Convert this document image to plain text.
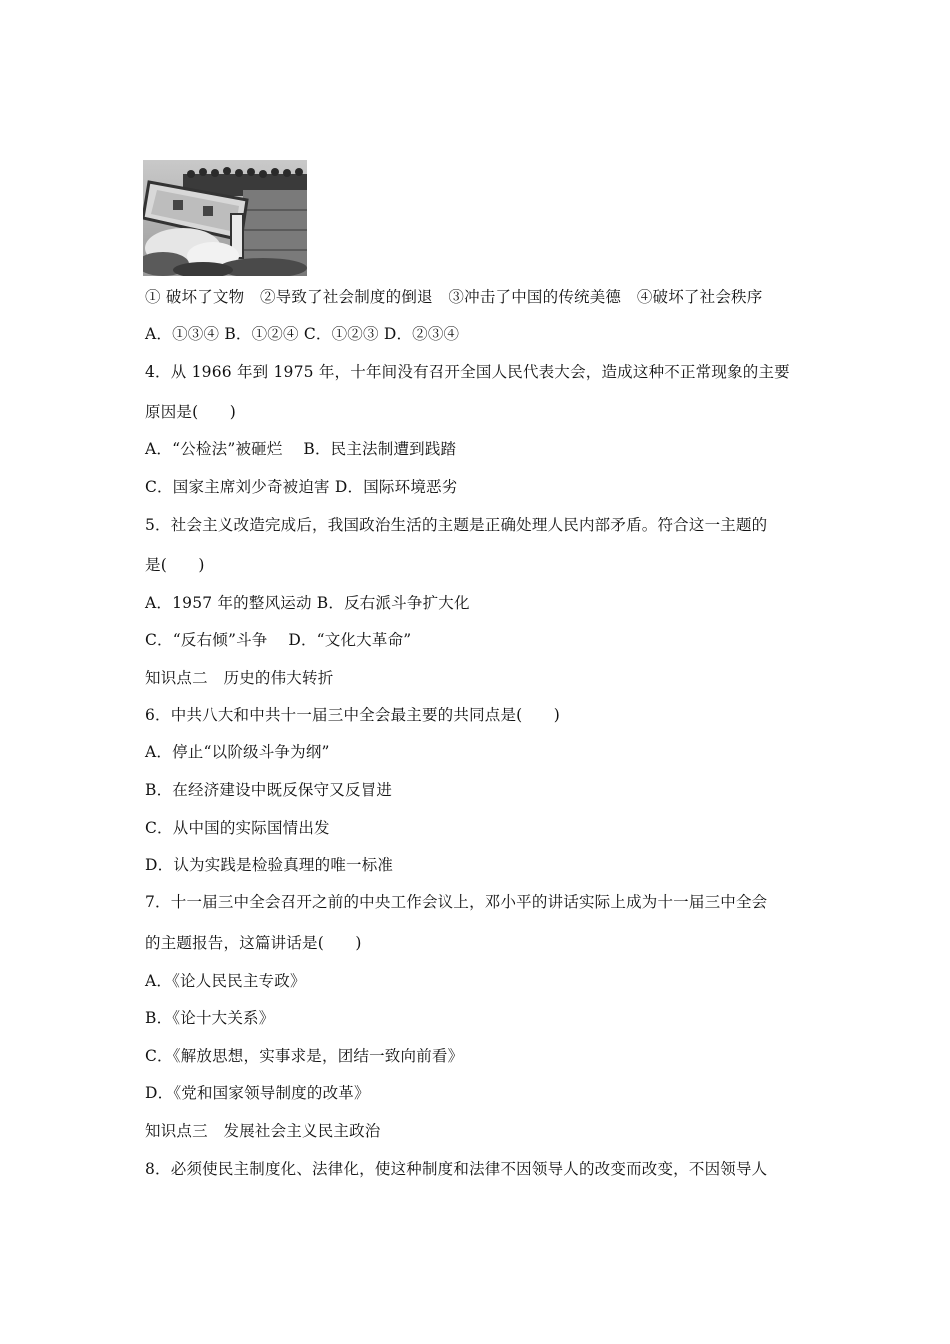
① 破坏了文物　②导致了社会制度的倒退　③冲击了中国的传统美德　④破坏了社会秩序
A．①③④ B．①②④ C．①②③ D．②③④
4．从 1966 年到 1975 年，十年间没有召开全国人民代表大会，造成这种不正常现象的主要
原因是(　　)
A．“公检法”被砸烂　 B．民主法制遭到践踏
C．国家主席刘少奇被迫害 D．国际环境恶劣
5．社会主义改造完成后，我国政治生活的主题是正确处理人民内部矛盾。符合这一主题的
是(　　)
A．1957 年的整风运动 B．反右派斗争扩大化
C．“反右倾”斗争　 D．“文化大革命”
知识点二　历史的伟大转折
6．中共八大和中共十一届三中全会最主要的共同点是(　　)
A．停止“以阶级斗争为纲”
B．在经济建设中既反保守又反冒进
C．从中国的实际国情出发
D．认为实践是检验真理的唯一标准
7．十一届三中全会召开之前的中央工作会议上，邓小平的讲话实际上成为十一届三中全会
的主题报告，这篇讲话是(　　)
A．《论人民民主专政》
B．《论十大关系》
C．《解放思想，实事求是，团结一致向前看》
D．《党和国家领导制度的改革》
知识点三　发展社会主义民主政治
8．必须使民主制度化、法律化，使这种制度和法律不因领导人的改变而改变，不因领导人
